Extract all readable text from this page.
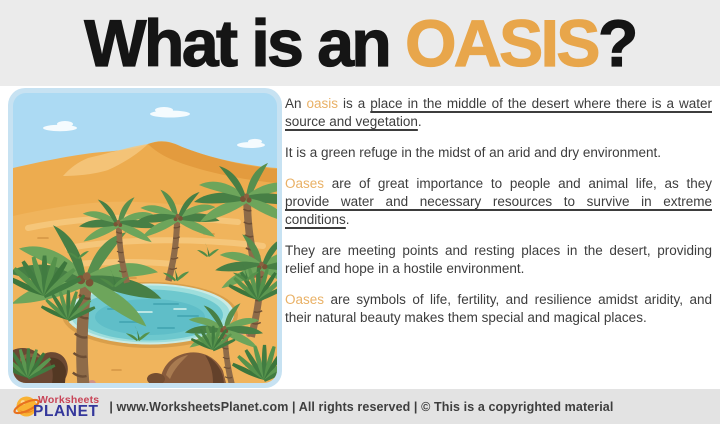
What is an OASIS?

An oasis is a place in the middle of the desert where there is a water source and vegetation.

It is a green refuge in the midst of an arid and dry environment.

Oases are of great importance to people and animal life, as they provide water and necessary resources to survive in extreme conditions.

They are meeting points and resting places in the desert, providing relief and hope in a hostile environment.

Oases are symbols of life, fertility, and resilience amidst aridity, and their natural beauty makes them special and magical places.

Worksheets
PLANET | www.WorksheetsPlanet.com | All rights reserved | © This is a copyrighted material
